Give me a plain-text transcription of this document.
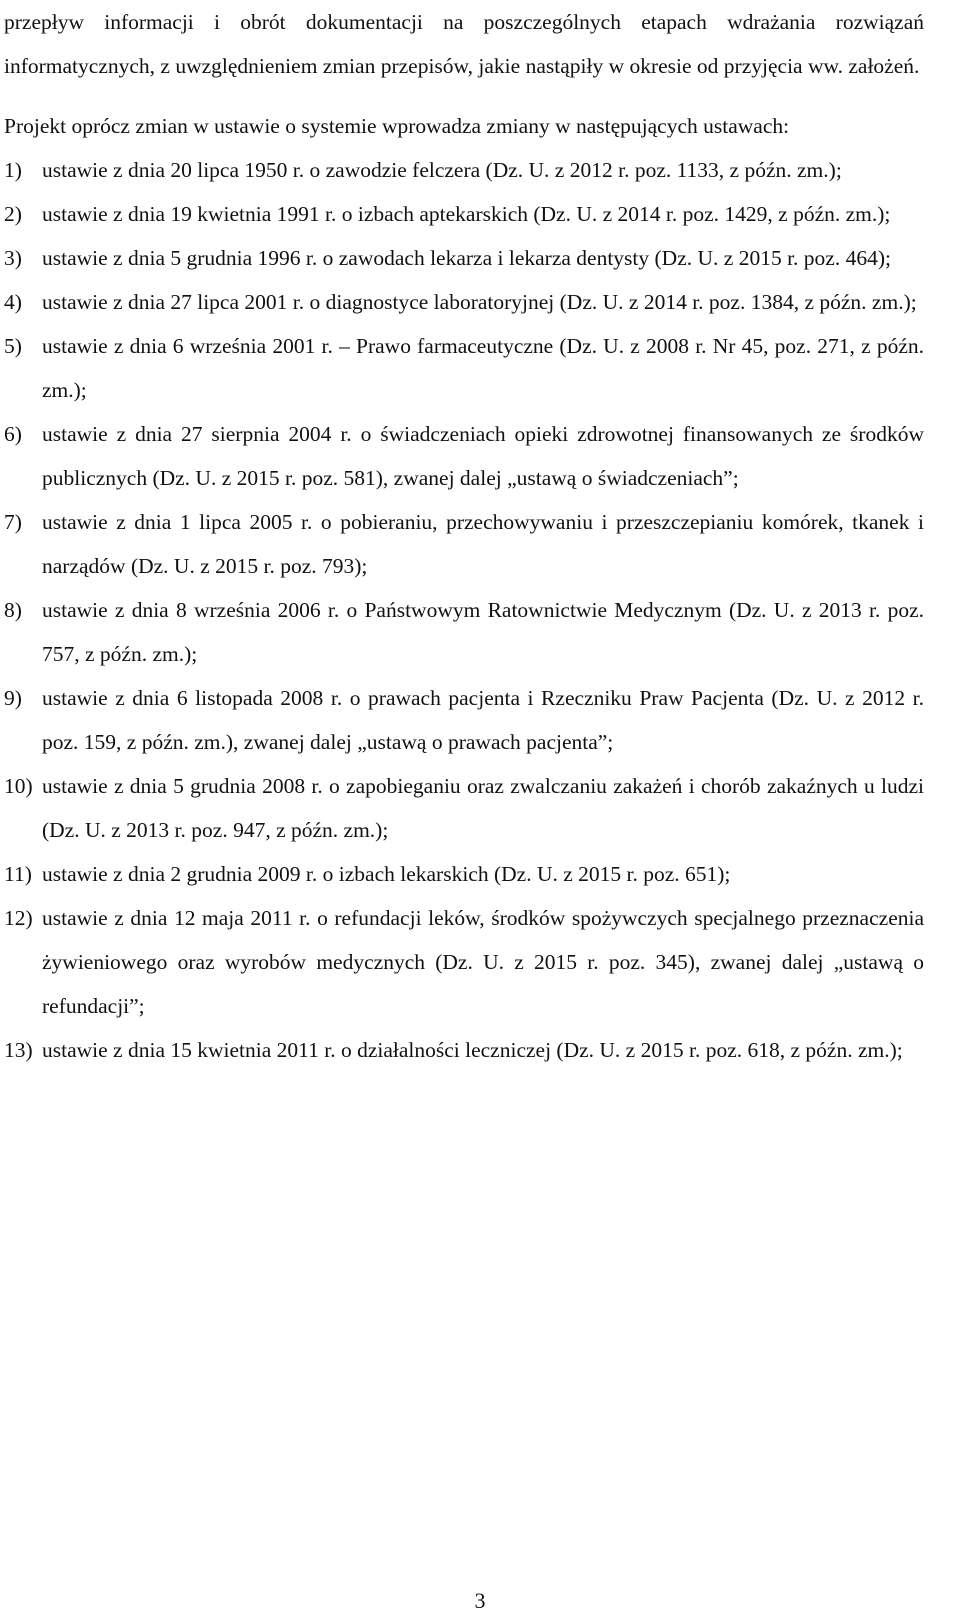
przepływ informacji i obrót dokumentacji na poszczególnych etapach wdrażania rozwiązań informatycznych, z uwzględnieniem zmian przepisów, jakie nastąpiły w okresie od przyjęcia ww. założeń.

Projekt oprócz zmian w ustawie o systemie wprowadza zmiany w następujących ustawach:

1) ustawie z dnia 20 lipca 1950 r. o zawodzie felczera (Dz. U. z 2012 r. poz. 1133, z późn. zm.);
2) ustawie z dnia 19 kwietnia 1991 r. o izbach aptekarskich (Dz. U. z 2014 r. poz. 1429, z późn. zm.);
3) ustawie z dnia 5 grudnia 1996 r. o zawodach lekarza i lekarza dentysty (Dz. U. z 2015 r. poz. 464);
4) ustawie z dnia 27 lipca 2001 r. o diagnostyce laboratoryjnej (Dz. U. z 2014 r. poz. 1384, z późn. zm.);
5) ustawie z dnia 6 września 2001 r. – Prawo farmaceutyczne (Dz. U. z 2008 r. Nr 45, poz. 271, z późn. zm.);
6) ustawie z dnia 27 sierpnia 2004 r. o świadczeniach opieki zdrowotnej finansowanych ze środków publicznych (Dz. U. z 2015 r. poz. 581), zwanej dalej „ustawą o świadczeniach”;
7) ustawie z dnia 1 lipca 2005 r. o pobieraniu, przechowywaniu i przeszczepianiu komórek, tkanek i narządów (Dz. U. z 2015 r. poz. 793);
8) ustawie z dnia 8 września 2006 r. o Państwowym Ratownictwie Medycznym (Dz. U. z 2013 r. poz. 757, z późn. zm.);
9) ustawie z dnia 6 listopada 2008 r. o prawach pacjenta i Rzeczniku Praw Pacjenta (Dz. U. z 2012 r. poz. 159, z późn. zm.), zwanej dalej „ustawą o prawach pacjenta”;
10) ustawie z dnia 5 grudnia 2008 r. o zapobieganiu oraz zwalczaniu zakażeń i chorób zakaźnych u ludzi (Dz. U. z 2013 r. poz. 947, z późn. zm.);
11) ustawie z dnia 2 grudnia 2009 r. o izbach lekarskich (Dz. U. z 2015 r. poz. 651);
12) ustawie z dnia 12 maja 2011 r. o refundacji leków, środków spożywczych specjalnego przeznaczenia żywieniowego oraz wyrobów medycznych (Dz. U. z 2015 r. poz. 345), zwanej dalej „ustawą o refundacji”;
13) ustawie z dnia 15 kwietnia 2011 r. o działalności leczniczej (Dz. U. z 2015 r. poz. 618, z późn. zm.);
3
